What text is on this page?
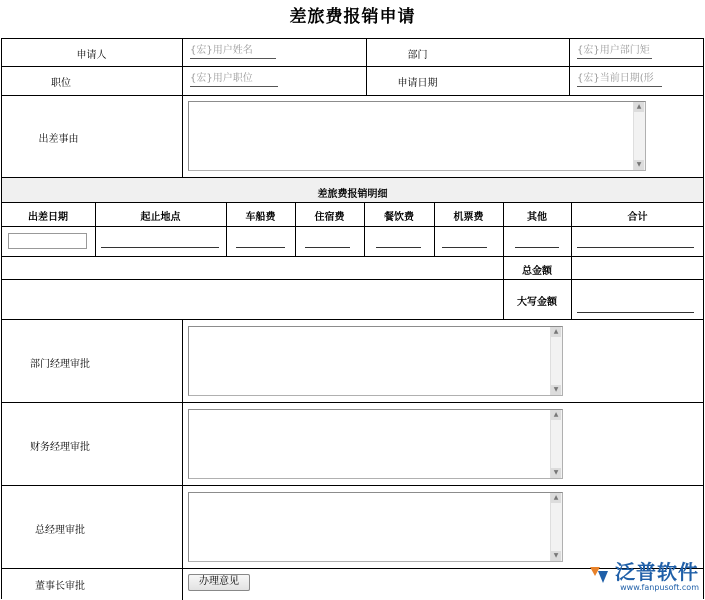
差旅费报销申请
申请人	{宏}用户姓名	部门	{宏}用户部门矩
职位	{宏}用户职位	申请日期	{宏}当前日期(形
出差事由
▲
▼
差旅费报销明细
出差日期	起止地点	车船费	住宿费	餐饮费	机票费	其他	合计
总金额
大写金额
部门经理审批
▲
▼
财务经理审批
▲
▼
总经理审批
▲
▼
董事长审批	办理意见	泛普软件
www.fanpusoft.com
